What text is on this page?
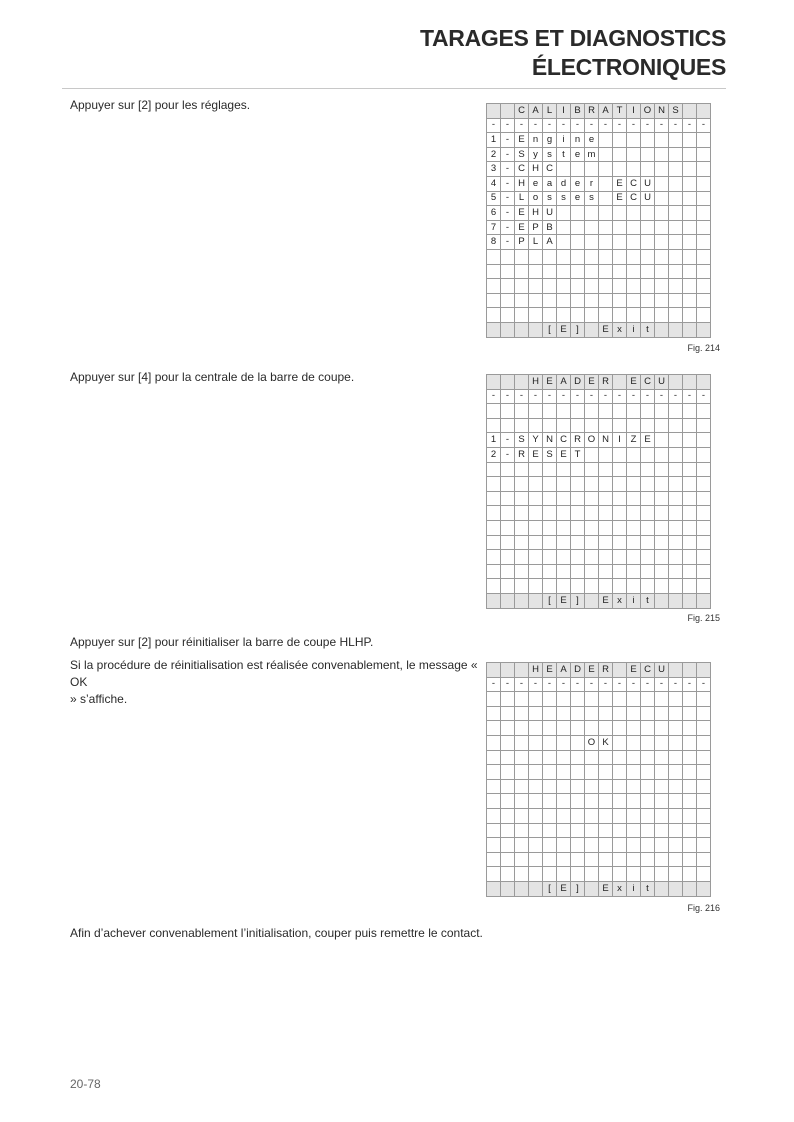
TARAGES ET DIAGNOSTICS
ÉLECTRONIQUES
Appuyer sur [2] pour les réglages.
			C	A	L	I	B	R	A	T	I	O	N	S		
-	-	-	-	-	-	-	-	-	-	-	-	-	-	-	-
1	-	E	n	g	i	n	e								
2	-	S	y	s	t	e	m								
3	-	C	H	C											
4	-	H	e	a	d	e	r		E	C	U				
5	-	L	o	s	s	e	s		E	C	U				
6	-	E	H	U											
7	-	E	P	B											
8	-	P	L	A											

				[	E	]		E	x	i	t				
Fig. 214
Appuyer sur [4] pour la centrale de la barre de coupe.
				H	E	A	D	E	R		E	C	U			
-	-	-	-	-	-	-	-	-	-	-	-	-	-	-	-

1	-	S	Y	N	C	R	O	N	I	Z	E				
2	-	R	E	S	E	T									

				[	E	]		E	x	i	t				
Fig. 215
Appuyer sur [2] pour réinitialiser la barre de coupe HLHP.
Si la procédure de réinitialisation est réalisée convenablement, le message « OK
» s’affiche.
			H	E	A	D	E	R		E	C	U			
-	-	-	-	-	-	-	-	-	-	-	-	-	-	-	-

							O	K							

				[	E	]		E	x	i	t				
Fig. 216
Afin d’achever convenablement l’initialisation, couper puis remettre le contact.
20-78
